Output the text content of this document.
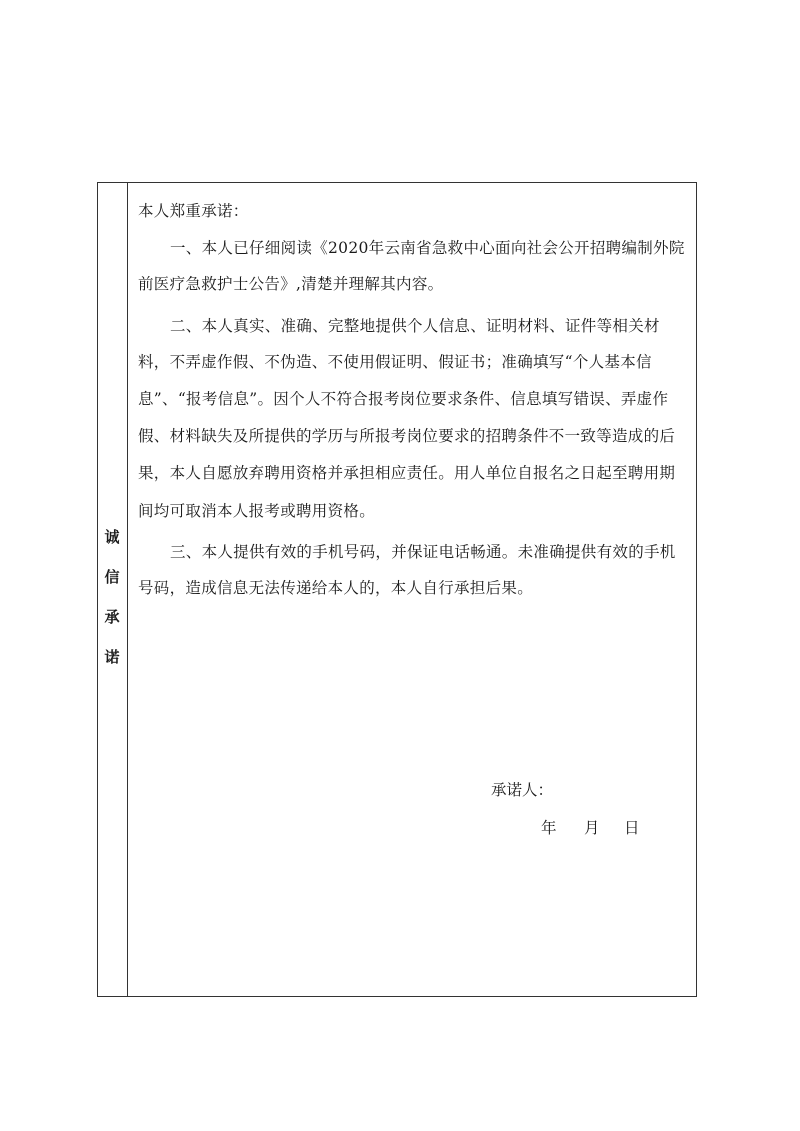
诚
信
承
诺
本人郑重承诺：
一、本人已仔细阅读《2020年云南省急救中心面向社会公开招聘编制外院
前医疗急救护士公告》,清楚并理解其内容。
二、本人真实、准确、完整地提供个人信息、证明材料、证件等相关材
料，不弄虚作假、不伪造、不使用假证明、假证书；准确填写“个人基本信
息”、“报考信息”。因个人不符合报考岗位要求条件、信息填写错误、弄虚作
假、材料缺失及所提供的学历与所报考岗位要求的招聘条件不一致等造成的后
果，本人自愿放弃聘用资格并承担相应责任。用人单位自报名之日起至聘用期
间均可取消本人报考或聘用资格。
三、本人提供有效的手机号码，并保证电话畅通。未准确提供有效的手机
号码，造成信息无法传递给本人的，本人自行承担后果。
承诺人：
年 月 日
